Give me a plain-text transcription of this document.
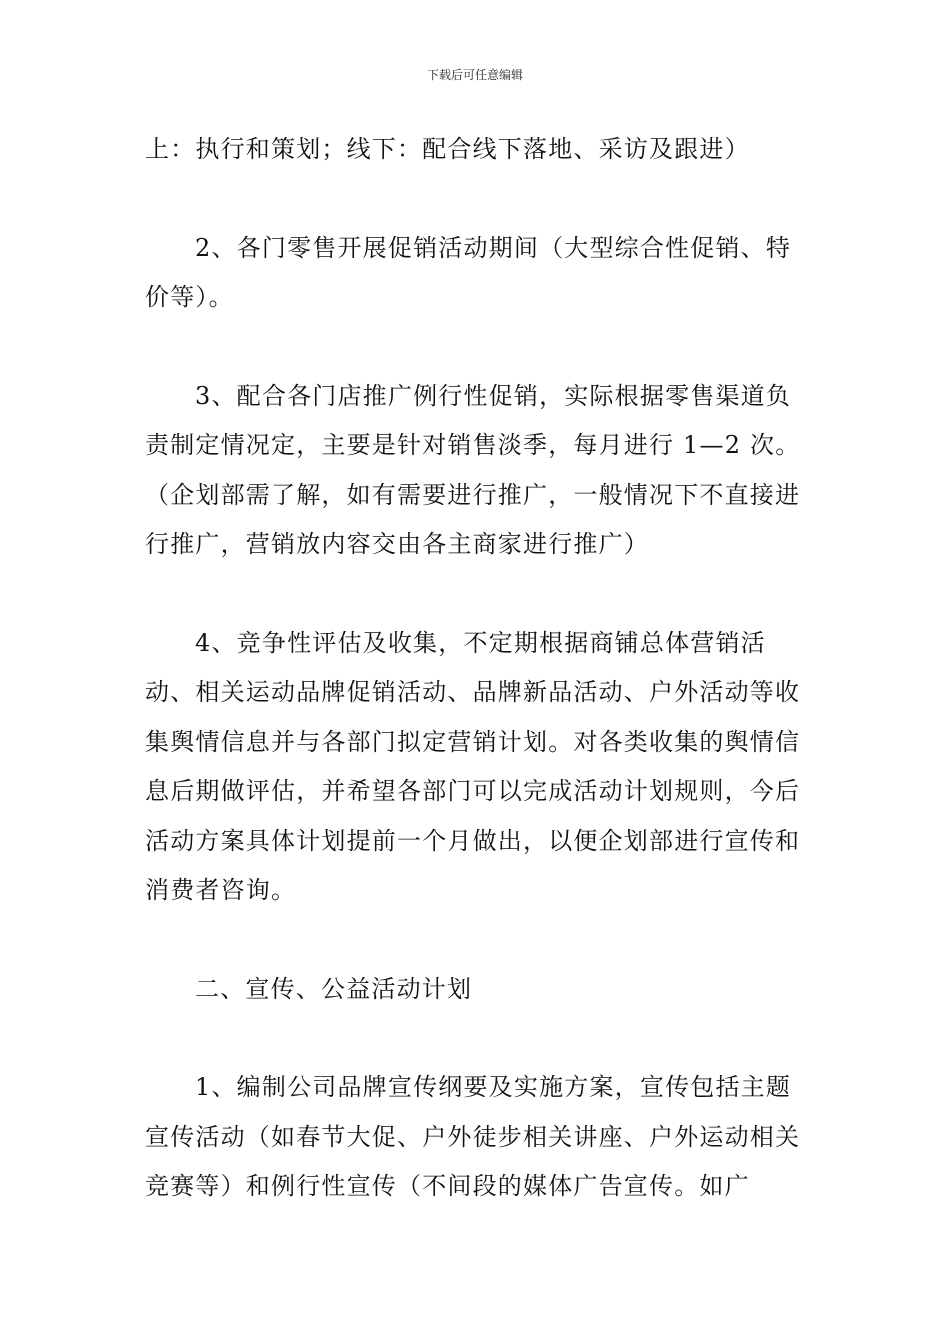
下载后可任意编辑

上：执行和策划；线下：配合线下落地、采访及跟进）

2、各门零售开展促销活动期间（大型综合性促销、特价等）。

3、配合各门店推广例行性促销，实际根据零售渠道负责制定情况定，主要是针对销售淡季，每月进行 1—2 次。（企划部需了解，如有需要进行推广，一般情况下不直接进行推广，营销放内容交由各主商家进行推广）

4、竞争性评估及收集，不定期根据商铺总体营销活动、相关运动品牌促销活动、品牌新品活动、户外活动等收集舆情信息并与各部门拟定营销计划。对各类收集的舆情信息后期做评估，并希望各部门可以完成活动计划规则，今后活动方案具体计划提前一个月做出，以便企划部进行宣传和消费者咨询。

二、宣传、公益活动计划

1、编制公司品牌宣传纲要及实施方案，宣传包括主题宣传活动（如春节大促、户外徒步相关讲座、户外运动相关竞赛等）和例行性宣传（不间段的媒体广告宣传。如广
